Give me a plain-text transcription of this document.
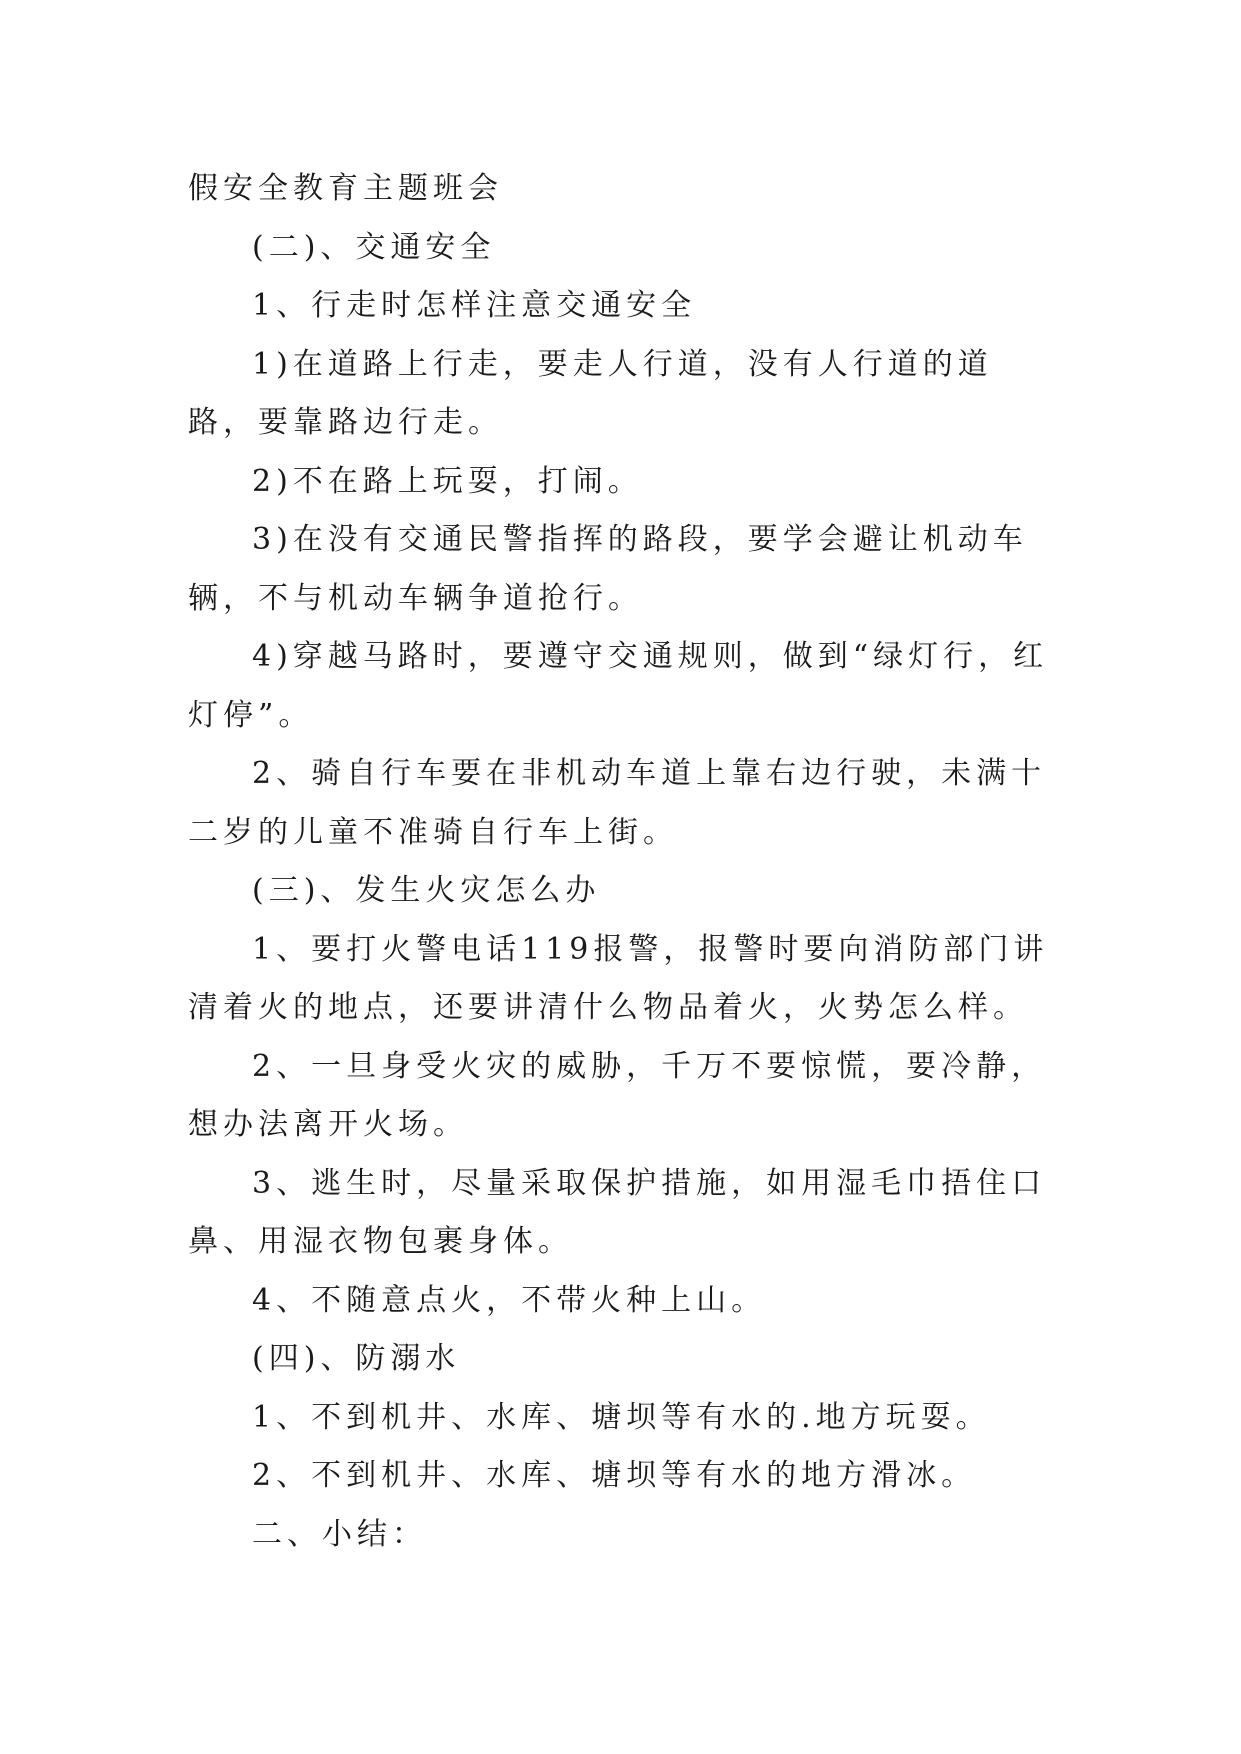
假安全教育主题班会

(二)、交通安全

1、行走时怎样注意交通安全

1)在道路上行走，要走人行道，没有人行道的道路，要靠路边行走。

2)不在路上玩耍，打闹。

3)在没有交通民警指挥的路段，要学会避让机动车辆，不与机动车辆争道抢行。

4)穿越马路时，要遵守交通规则，做到“绿灯行，红灯停”。

2、骑自行车要在非机动车道上靠右边行驶，未满十二岁的儿童不准骑自行车上街。

(三)、发生火灾怎么办

1、要打火警电话119报警，报警时要向消防部门讲清着火的地点，还要讲清什么物品着火，火势怎么样。

2、一旦身受火灾的威胁，千万不要惊慌，要冷静，想办法离开火场。

3、逃生时，尽量采取保护措施，如用湿毛巾捂住口鼻、用湿衣物包裹身体。

4、不随意点火，不带火种上山。

(四)、防溺水

1、不到机井、水库、塘坝等有水的.地方玩耍。

2、不到机井、水库、塘坝等有水的地方滑冰。

二、小结：
